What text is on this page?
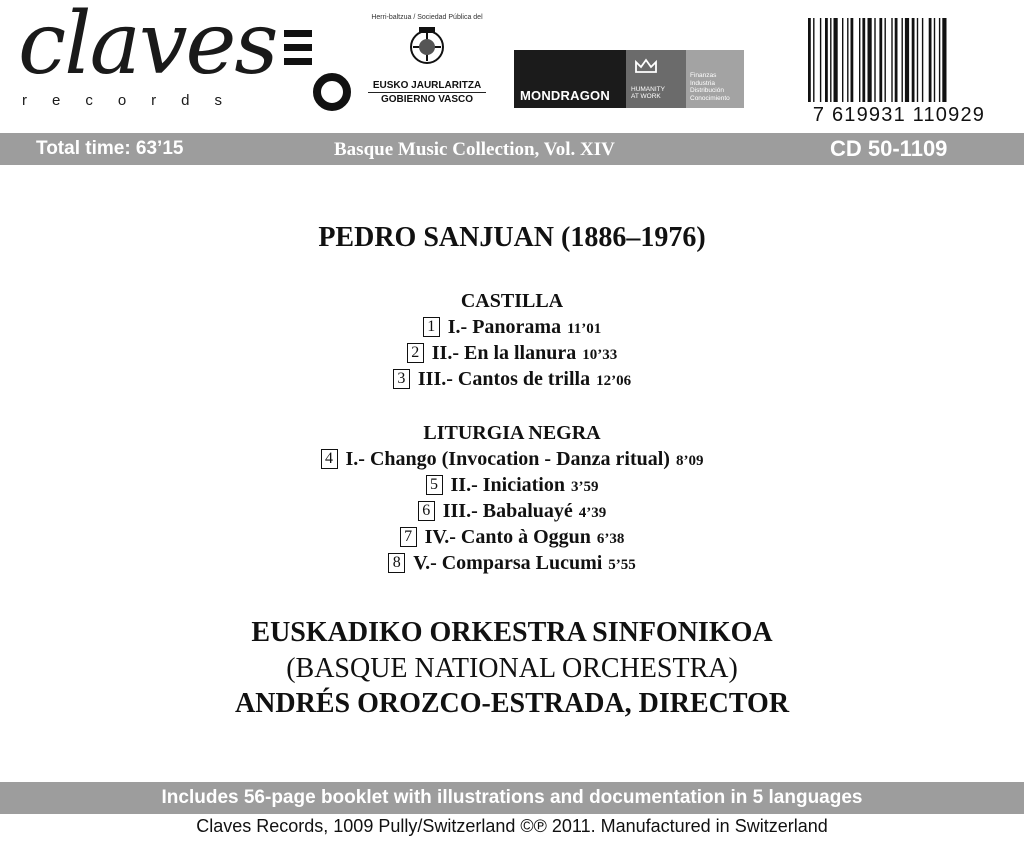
claves
records
Herri-baltzua / Sociedad Pública del
EUSKO JAURLARITZA
GOBIERNO VASCO	MONDRAGON	HUMANITY
AT WORK
Finanzas
Industria
Distribución
Conocimiento
7 619931 110929
Total time: 63’15	Basque Music Collection, Vol. XIV	CD 50-1109
PEDRO SANJUAN (1886–1976)
CASTILLA
1 I.- Panorama 11’01
2 II.- En la llanura 10’33
3 III.- Cantos de trilla 12’06
LITURGIA NEGRA
4 I.- Chango (Invocation - Danza ritual) 8’09
5 II.- Iniciation 3’59
6 III.- Babaluayé 4’39
7 IV.- Canto à Oggun 6’38
8 V.- Comparsa Lucumi 5’55
EUSKADIKO ORKESTRA SINFONIKOA
(BASQUE NATIONAL ORCHESTRA)
ANDRÉS OROZCO-ESTRADA, DIRECTOR
Includes 56-page booklet with illustrations and documentation in 5 languages
Claves Records, 1009 Pully/Switzerland ©℗ 2011. Manufactured in Switzerland
